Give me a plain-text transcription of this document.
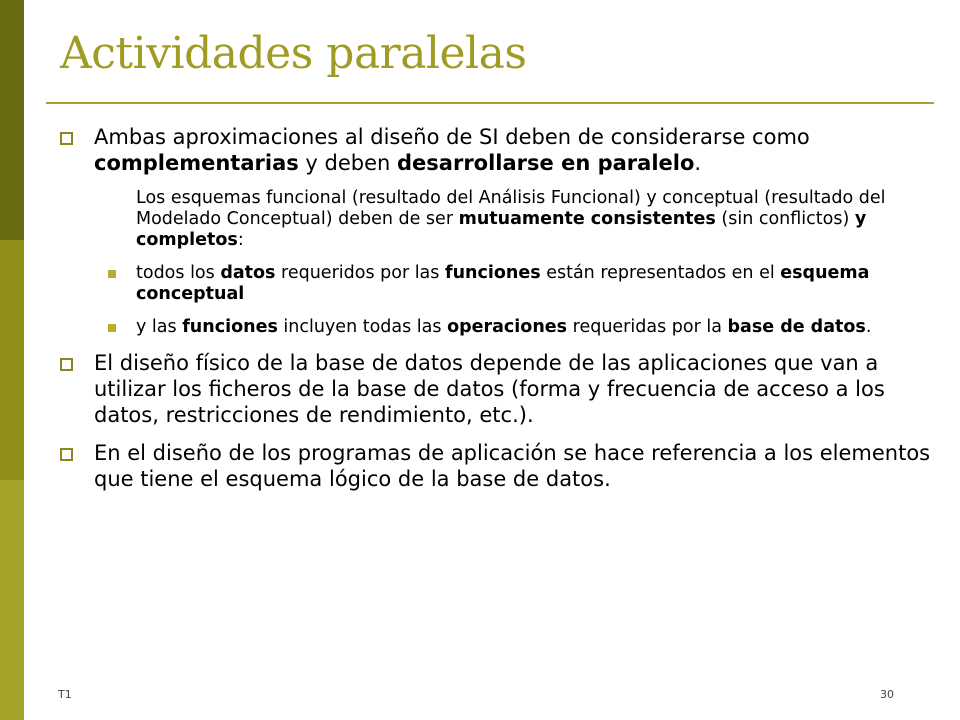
Actividades paralelas
Ambas aproximaciones al diseño de SI deben de considerarse como complementarias y deben desarrollarse en paralelo.
Los esquemas funcional (resultado del Análisis Funcional) y conceptual (resultado del Modelado Conceptual) deben de ser mutuamente consistentes (sin conflictos) y completos:
todos los datos requeridos por las funciones están representados en el esquema conceptual
y las funciones incluyen todas las operaciones requeridas por la base de datos.
El diseño físico de la base de datos depende de las aplicaciones que van a utilizar los ficheros de la base de datos (forma y frecuencia de acceso a los datos, restricciones de rendimiento, etc.).
En el diseño de los programas de aplicación se hace referencia a los elementos que tiene el esquema lógico de la base de datos.
T1	30
